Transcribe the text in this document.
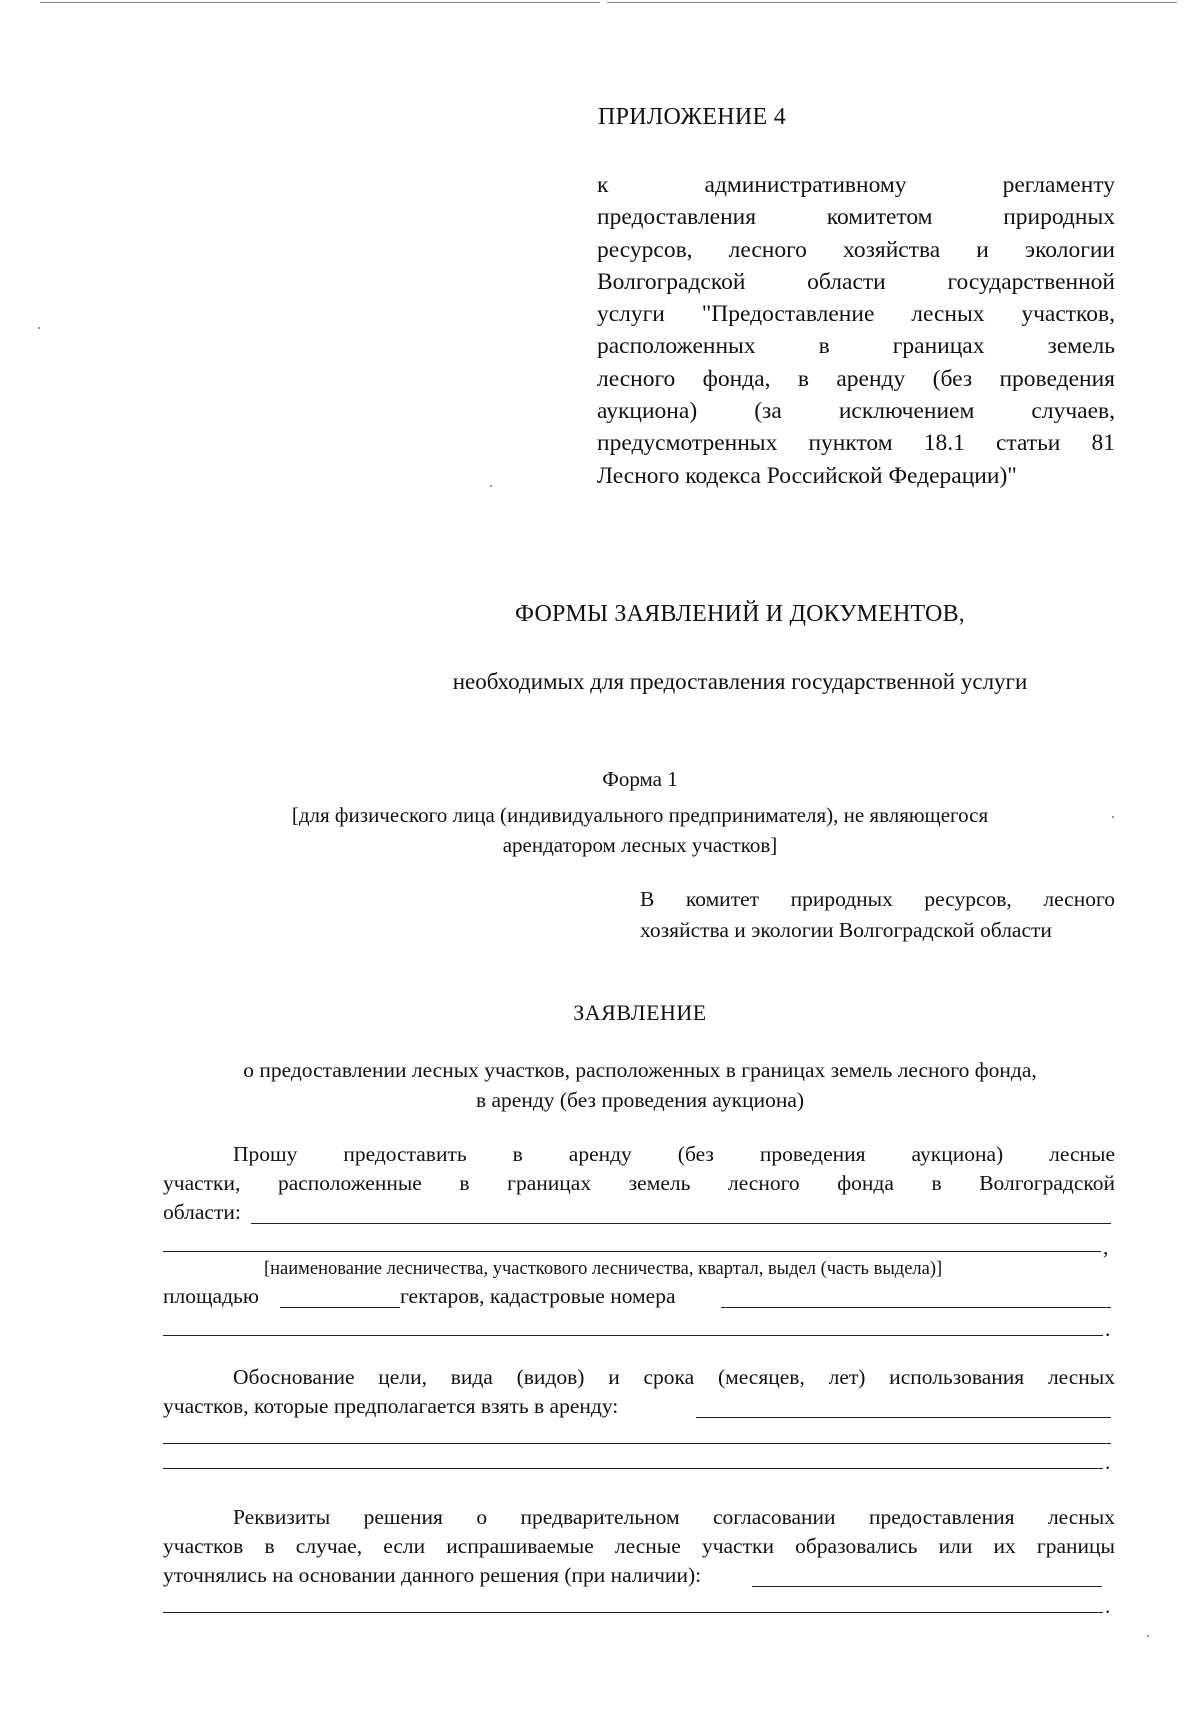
ПРИЛОЖЕНИЕ 4
к административному регламенту
предоставления комитетом природных
ресурсов, лесного хозяйства и экологии
Волгоградской области государственной
услуги "Предоставление лесных участков,
расположенных в границах земель
лесного фонда, в аренду (без проведения
аукциона) (за исключением случаев,
предусмотренных пунктом 18.1 статьи 81
Лесного кодекса Российской Федерации)"
ФОРМЫ ЗАЯВЛЕНИЙ И ДОКУМЕНТОВ,
необходимых для предоставления государственной услуги
Форма 1
[для физического лица (индивидуального предпринимателя), не являющегося
арендатором лесных участков]
В комитет природных ресурсов, лесного
хозяйства и экологии Волгоградской области
ЗАЯВЛЕНИЕ
о предоставлении лесных участков, расположенных в границах земель лесного фонда,
в аренду (без проведения аукциона)
Прошу предоставить в аренду (без проведения аукциона) лесные
участки, расположенные в границах земель лесного фонда в Волгоградской
области:
,
[наименование лесничества, участкового лесничества, квартал, выдел (часть выдела)]
площадью	гектаров, кадастровые номера
.
Обоснование цели, вида (видов) и срока (месяцев, лет) использования лесных
участков, которые предполагается взять в аренду:
.
Реквизиты решения о предварительном согласовании предоставления лесных
участков в случае, если испрашиваемые лесные участки образовались или их границы
уточнялись на основании данного решения (при наличии):
.
